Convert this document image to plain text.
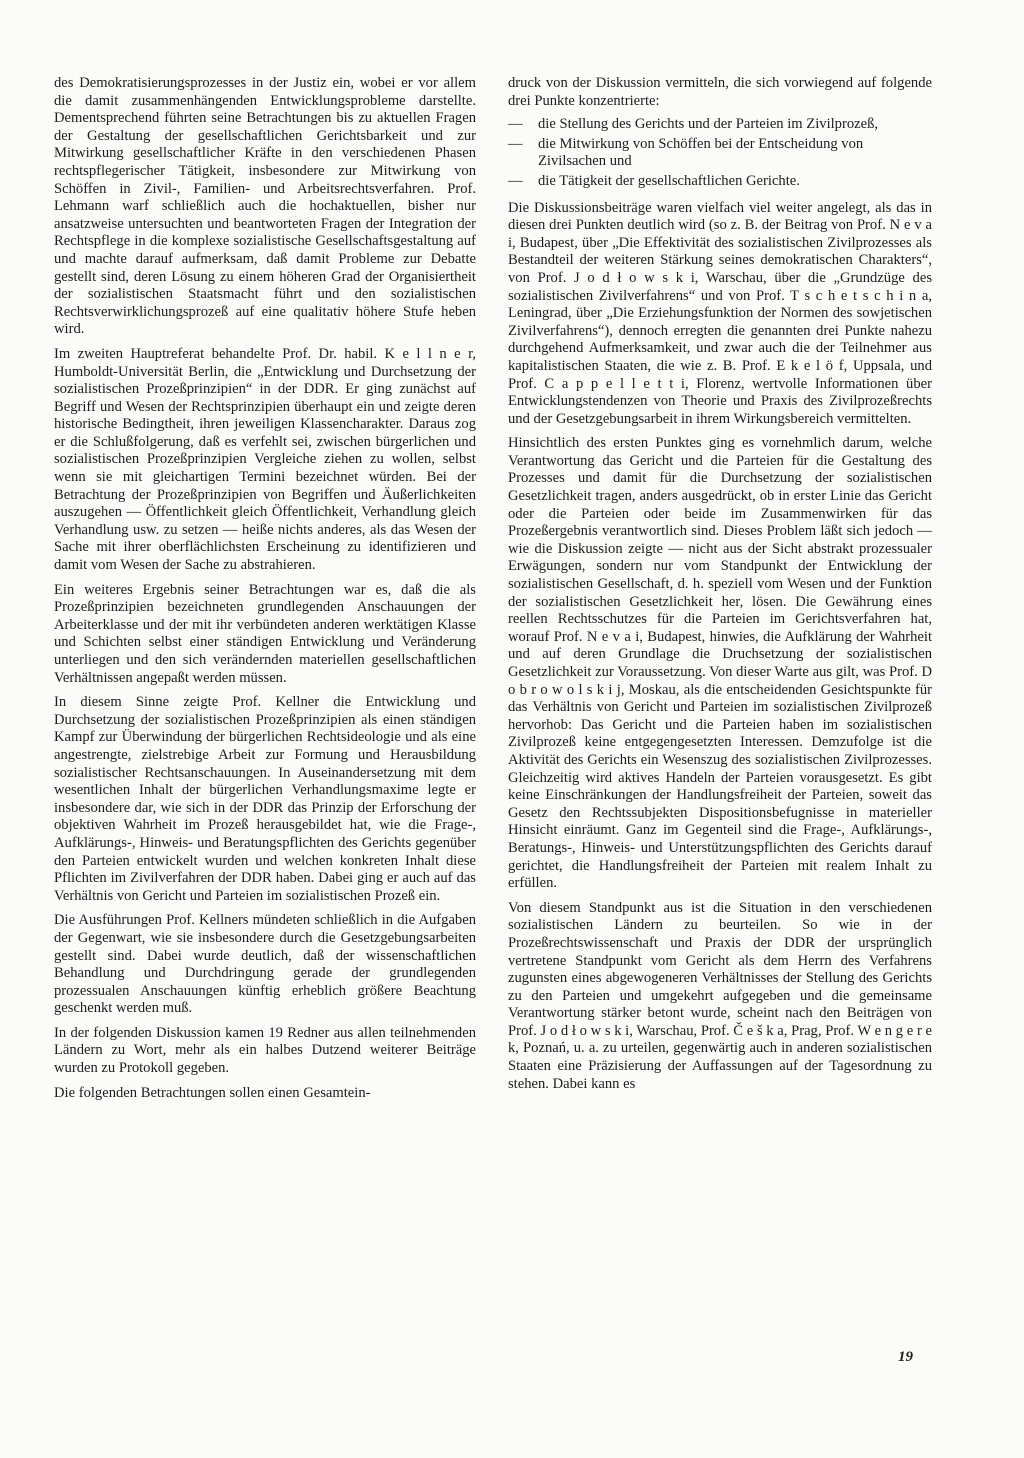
des Demokratisierungsprozesses in der Justiz ein, wobei er vor allem die damit zusammenhängenden Entwicklungsprobleme darstellte. Dementsprechend führten seine Betrachtungen bis zu aktuellen Fragen der Gestaltung der gesellschaftlichen Gerichtsbarkeit und zur Mitwirkung gesellschaftlicher Kräfte in den verschiedenen Phasen rechtspflegerischer Tätigkeit, insbesondere zur Mitwirkung von Schöffen in Zivil-, Familien- und Arbeitsrechtsverfahren. Prof. Lehmann warf schließlich auch die hochaktuellen, bisher nur ansatzweise untersuchten und beantworteten Fragen der Integration der Rechtspflege in die komplexe sozialistische Gesellschaftsgestaltung auf und machte darauf aufmerksam, daß damit Probleme zur Debatte gestellt sind, deren Lösung zu einem höheren Grad der Organisiertheit der sozialistischen Staatsmacht führt und den sozialistischen Rechtsverwirklichungsprozeß auf eine qualitativ höhere Stufe heben wird.

Im zweiten Hauptreferat behandelte Prof. Dr. habil. K e l l n e r, Humboldt-Universität Berlin, die „Entwicklung und Durchsetzung der sozialistischen Prozeßprinzipien“ in der DDR. Er ging zunächst auf Begriff und Wesen der Rechtsprinzipien überhaupt ein und zeigte deren historische Bedingtheit, ihren jeweiligen Klassencharakter. Daraus zog er die Schlußfolgerung, daß es verfehlt sei, zwischen bürgerlichen und sozialistischen Prozeßprinzipien Vergleiche ziehen zu wollen, selbst wenn sie mit gleichartigen Termini bezeichnet würden. Bei der Betrachtung der Prozeßprinzipien von Begriffen und Äußerlichkeiten auszugehen — Öffentlichkeit gleich Öffentlichkeit, Verhandlung gleich Verhandlung usw. zu setzen — heiße nichts anderes, als das Wesen der Sache mit ihrer oberflächlichsten Erscheinung zu identifizieren und damit vom Wesen der Sache zu abstrahieren.

Ein weiteres Ergebnis seiner Betrachtungen war es, daß die als Prozeßprinzipien bezeichneten grundlegenden Anschauungen der Arbeiterklasse und der mit ihr verbündeten anderen werktätigen Klasse und Schichten selbst einer ständigen Entwicklung und Veränderung unterliegen und den sich verändernden materiellen gesellschaftlichen Verhältnissen angepaßt werden müssen.

In diesem Sinne zeigte Prof. Kellner die Entwicklung und Durchsetzung der sozialistischen Prozeßprinzipien als einen ständigen Kampf zur Überwindung der bürgerlichen Rechtsideologie und als eine angestrengte, zielstrebige Arbeit zur Formung und Herausbildung sozialistischer Rechtsanschauungen. In Auseinandersetzung mit dem wesentlichen Inhalt der bürgerlichen Verhandlungsmaxime legte er insbesondere dar, wie sich in der DDR das Prinzip der Erforschung der objektiven Wahrheit im Prozeß herausgebildet hat, wie die Frage-, Aufklärungs-, Hinweis- und Beratungspflichten des Gerichts gegenüber den Parteien entwickelt wurden und welchen konkreten Inhalt diese Pflichten im Zivilverfahren der DDR haben. Dabei ging er auch auf das Verhältnis von Gericht und Parteien im sozialistischen Prozeß ein.

Die Ausführungen Prof. Kellners mündeten schließlich in die Aufgaben der Gegenwart, wie sie insbesondere durch die Gesetzgebungsarbeiten gestellt sind. Dabei wurde deutlich, daß der wissenschaftlichen Behandlung und Durchdringung gerade der grundlegenden prozessualen Anschauungen künftig erheblich größere Beachtung geschenkt werden muß.

In der folgenden Diskussion kamen 19 Redner aus allen teilnehmenden Ländern zu Wort, mehr als ein halbes Dutzend weiterer Beiträge wurden zu Protokoll gegeben.

Die folgenden Betrachtungen sollen einen Gesamtein-

druck von der Diskussion vermitteln, die sich vorwiegend auf folgende drei Punkte konzentrierte:

— die Stellung des Gerichts und der Parteien im Zivilprozeß,
— die Mitwirkung von Schöffen bei der Entscheidung von Zivilsachen und
— die Tätigkeit der gesellschaftlichen Gerichte.

Die Diskussionsbeiträge waren vielfach viel weiter angelegt, als das in diesen drei Punkten deutlich wird (so z. B. der Beitrag von Prof. N e v a i, Budapest, über „Die Effektivität des sozialistischen Zivilprozesses als Bestandteil der weiteren Stärkung seines demokratischen Charakters“, von Prof. J o d ł o w s k i, Warschau, über die „Grundzüge des sozialistischen Zivilverfahrens“ und von Prof. T s c h e t s c h i n a, Leningrad, über „Die Erziehungsfunktion der Normen des sowjetischen Zivilverfahrens“), dennoch erregten die genannten drei Punkte nahezu durchgehend Aufmerksamkeit, und zwar auch die der Teilnehmer aus kapitalistischen Staaten, die wie z. B. Prof. E k e l ö f, Uppsala, und Prof. C a p p e l l e t t i, Florenz, wertvolle Informationen über Entwicklungstendenzen von Theorie und Praxis des Zivilprozeßrechts und der Gesetzgebungsarbeit in ihrem Wirkungsbereich vermittelten.

Hinsichtlich des ersten Punktes ging es vornehmlich darum, welche Verantwortung das Gericht und die Parteien für die Gestaltung des Prozesses und damit für die Durchsetzung der sozialistischen Gesetzlichkeit tragen, anders ausgedrückt, ob in erster Linie das Gericht oder die Parteien oder beide im Zusammenwirken für das Prozeßergebnis verantwortlich sind. Dieses Problem läßt sich jedoch — wie die Diskussion zeigte — nicht aus der Sicht abstrakt prozessualer Erwägungen, sondern nur vom Standpunkt der Entwicklung der sozialistischen Gesellschaft, d. h. speziell vom Wesen und der Funktion der sozialistischen Gesetzlichkeit her, lösen. Die Gewährung eines reellen Rechtsschutzes für die Parteien im Gerichtsverfahren hat, worauf Prof. N e v a i, Budapest, hinwies, die Aufklärung der Wahrheit und auf deren Grundlage die Druchsetzung der sozialistischen Gesetzlichkeit zur Voraussetzung. Von dieser Warte aus gilt, was Prof. D o b r o w o l s k i j, Moskau, als die entscheidenden Gesichtspunkte für das Verhältnis von Gericht und Parteien im sozialistischen Zivilprozeß hervorhob: Das Gericht und die Parteien haben im sozialistischen Zivilprozeß keine entgegengesetzten Interessen. Demzufolge ist die Aktivität des Gerichts ein Wesenszug des sozialistischen Zivilprozesses. Gleichzeitig wird aktives Handeln der Parteien vorausgesetzt. Es gibt keine Einschränkungen der Handlungsfreiheit der Parteien, soweit das Gesetz den Rechtssubjekten Dispositionsbefugnisse in materieller Hinsicht einräumt. Ganz im Gegenteil sind die Frage-, Aufklärungs-, Beratungs-, Hinweis- und Unterstützungspflichten des Gerichts darauf gerichtet, die Handlungsfreiheit der Parteien mit realem Inhalt zu erfüllen.

Von diesem Standpunkt aus ist die Situation in den verschiedenen sozialistischen Ländern zu beurteilen. So wie in der Prozeßrechtswissenschaft und Praxis der DDR der ursprünglich vertretene Standpunkt vom Gericht als dem Herrn des Verfahrens zugunsten eines abgewogeneren Verhältnisses der Stellung des Gerichts zu den Parteien und umgekehrt aufgegeben und die gemeinsame Verantwortung stärker betont wurde, scheint nach den Beiträgen von Prof. J o d ł o w s k i, Warschau, Prof. Č e š k a, Prag, Prof. W e n g e r e k, Poznań, u. a. zu urteilen, gegenwärtig auch in anderen sozialistischen Staaten eine Präzisierung der Auffassungen auf der Tagesordnung zu stehen. Dabei kann es

19
